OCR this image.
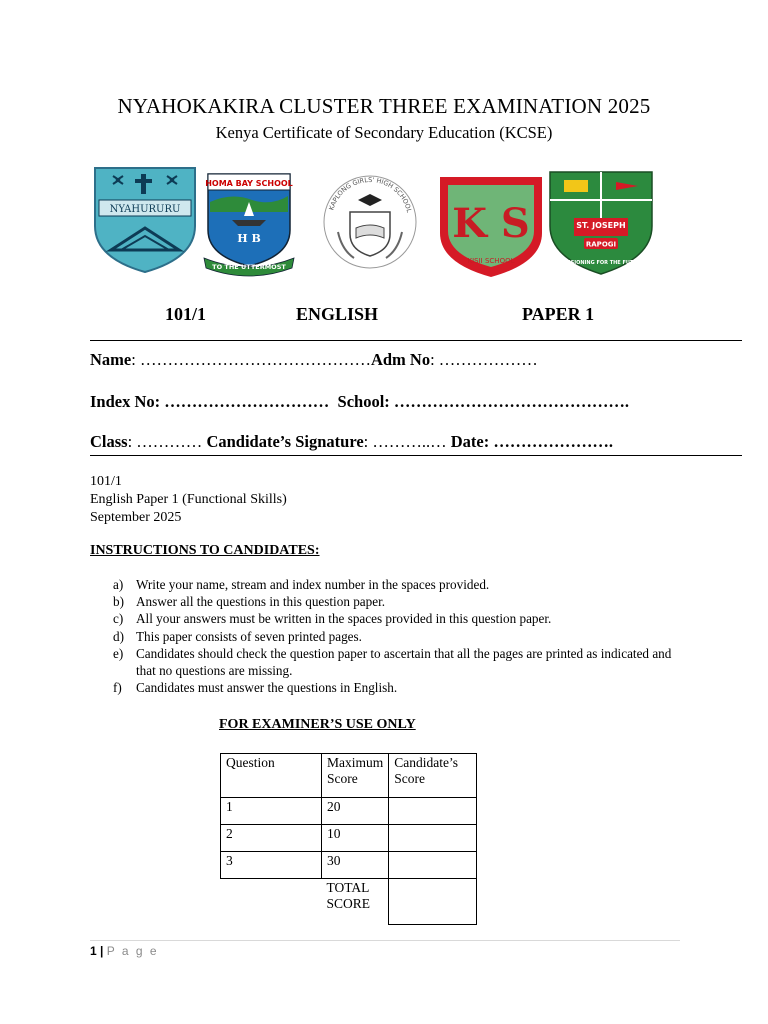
NYAHOKAKIRA CLUSTER THREE EXAMINATION 2025
Kenya Certificate of Secondary Education (KCSE)
NYAHURURU
HOMA BAY SCHOOL
H B
TO THE UTTERMOST
KAPLONG GIRLS' HIGH SCHOOL K S
KISII SCHOOL
ST. JOSEPH
RAPOGI
ENVISIONING FOR THE FUTURE
101/1	ENGLISH	PAPER 1
Name: ……………………………………Adm No: ………………
Index No: ………………………… School: …………………………………….
Class: ………… Candidate’s Signature: ………..… Date: ………………….
101/1
English Paper 1 (Functional Skills)
September 2025
INSTRUCTIONS TO CANDIDATES:
a) Write your name, stream and index number in the spaces provided.
b) Answer all the questions in this question paper.
c) All your answers must be written in the spaces provided in this question paper.
d) This paper consists of seven printed pages.
e) Candidates should check the question paper to ascertain that all the pages are printed as indicated and that no questions are missing.
f)	Candidates must answer the questions in English.
FOR EXAMINER’S USE ONLY
Question	Maximum Score	Candidate’s Score
1	20	
2	10	
3	30	
	TOTAL SCORE	
1 | P a g e
